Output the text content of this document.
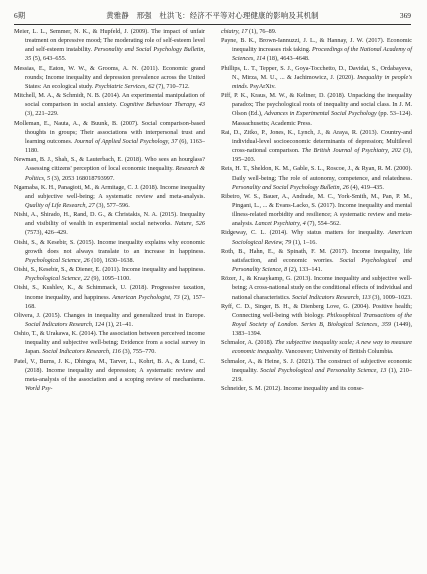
6期	黄雅静　邢强　杜洪飞：经济不平等对心理健康的影响及其机制	369

Meier, L. L., Semmer, N. K., & Hupfeld, J. (2009). The impact of unfair treatment on depressive mood; The moderating role of self-esteem level and self-esteem instability. Personality and Social Psychology Bulletin, 35 (5), 643–655.

Messias, E., Eaton, W. W., & Grooms, A. N. (2011). Economic grand rounds; Income inequality and depression prevalence across the United States: An ecological study. Psychiatric Services, 62 (7), 710–712.

Mitchell, M. A., & Schmidt, N. B. (2014). An experimental manipulation of social comparison in social anxiety. Cognitive Behaviour Therapy, 43 (3), 221–229.

Molleman, E., Nauta, A., & Buunk, B. (2007). Social comparison-based thoughts in groups; Their associations with interpersonal trust and learning outcomes. Journal of Applied Social Psychology, 37 (6), 1163–1180.

Newman, B. J., Shah, S., & Lauterbach, E. (2018). Who sees an hourglass? Assessing citizens' perception of local economic inequality. Research & Politics, 5 (3), 2053 168018793997.

Ngamaba, K. H., Panagioti, M., & Armitage, C. J. (2018). Income inequality and subjective well-being; A systematic review and meta-analysis. Quality of Life Research, 27 (3), 577–596.

Nishi, A., Shirado, H., Rand, D. G., & Christakis, N. A. (2015). Inequality and visibility of wealth in experimental social networks. Nature, 526 (7573), 426–429.

Oishi, S., & Kesebir, S. (2015). Income inequality explains why economic growth does not always translate to an increase in happiness. Psychological Science, 26 (10), 1630–1638.

Oishi, S., Kesebir, S., & Diener, E. (2011). Income inequality and happiness. Psychological Science, 22 (9), 1095–1100.

Oishi, S., Kushlev, K., & Schimmack, U. (2018). Progressive taxation, income inequality, and happiness. American Psychologist, 73 (2), 157–168.

Olivera, J. (2015). Changes in inequality and generalized trust in Europe. Social Indicators Research, 124 (1), 21–41.

Oshio, T., & Urakawa, K. (2014). The association between perceived income inequality and subjective well-being; Evidence from a social survey in Japan. Social Indicators Research, 116 (3), 755–770.

Patel, V., Burns, J. K., Dhingra, M., Tarver, L., Kohrt, B. A., & Lund, C. (2018). Income inequality and depression; A systematic review and meta-analysis of the association and a scoping review of mechanisms. World Psy-

chiatry, 17 (1), 76–89.

Payne, B. K., Brown-Iannuzzi, J. L., & Hannay, J. W. (2017). Economic inequality increases risk taking. Proceedings of the National Academy of Sciences, 114 (18), 4643–4648.

Phillips, L. T., Tepper, S. J., Goya-Tocchetto, D., Davidai, S., Ordabayeva, N., Mirza, M. U., ... & Jachimowicz, J. (2020). Inequality in people's minds. PsyArXiv.

Piff, P. K., Kraus, M. W., & Keltner, D. (2018). Unpacking the inequality paradox; The psychological roots of inequality and social class. In J. M. Olson (Ed.), Advances in Experimental Social Psychology (pp. 53–124). Massachusetts; Academic Press.

Rai, D., Zitko, P., Jones, K., Lynch, J., & Araya, R. (2013). Country-and individual-level socioeconomic determinants of depression; Multilevel cross-national comparison. The British Journal of Psychiatry, 202 (3), 195–203.

Reis, H. T., Sheldon, K. M., Gable, S. L., Roscoe, J., & Ryan, R. M. (2000). Daily well-being; The role of autonomy, competence, and relatedness. Personality and Social Psychology Bulletin, 26 (4), 419–435.

Ribeiro, W. S., Bauer, A., Andrade, M. C., York-Smith, M., Pan, P. M., Pingani, L., ... & Evans-Lacko, S. (2017). Income inequality and mental illness-related morbidity and resilience; A systematic review and meta-analysis. Lancet Psychiatry, 4 (7), 554–562.

Ridgeway, C. L. (2014). Why status matters for inequality. American Sociological Review, 79 (1), 1–16.

Roth, B., Hahn, E., & Spinath, F. M. (2017). Income inequality, life satisfaction, and economic worries. Social Psychological and Personality Science, 8 (2), 133–141.

Rözer, J., & Kraaykamp, G. (2013). Income inequality and subjective well-being; A cross-national study on the conditional effects of individual and national characteristics. Social Indicators Research, 113 (3), 1009–1023.

Ryff, C. D., Singer, B. H., & Dienberg Love, G. (2004). Positive health; Connecting well-being with biology. Philosophical Transactions of the Royal Society of London. Series B, Biological Sciences, 359 (1449), 1383–1394.

Schmalor, A. (2018). The subjective inequality scale; A new way to measure economic inequality. Vancouver; University of British Columbia.

Schmalor, A., & Heine, S. J. (2021). The construct of subjective economic inequality. Social Psychological and Personality Science, 13 (1), 210–219.

Schneider, S. M. (2012). Income inequality and its conse-
